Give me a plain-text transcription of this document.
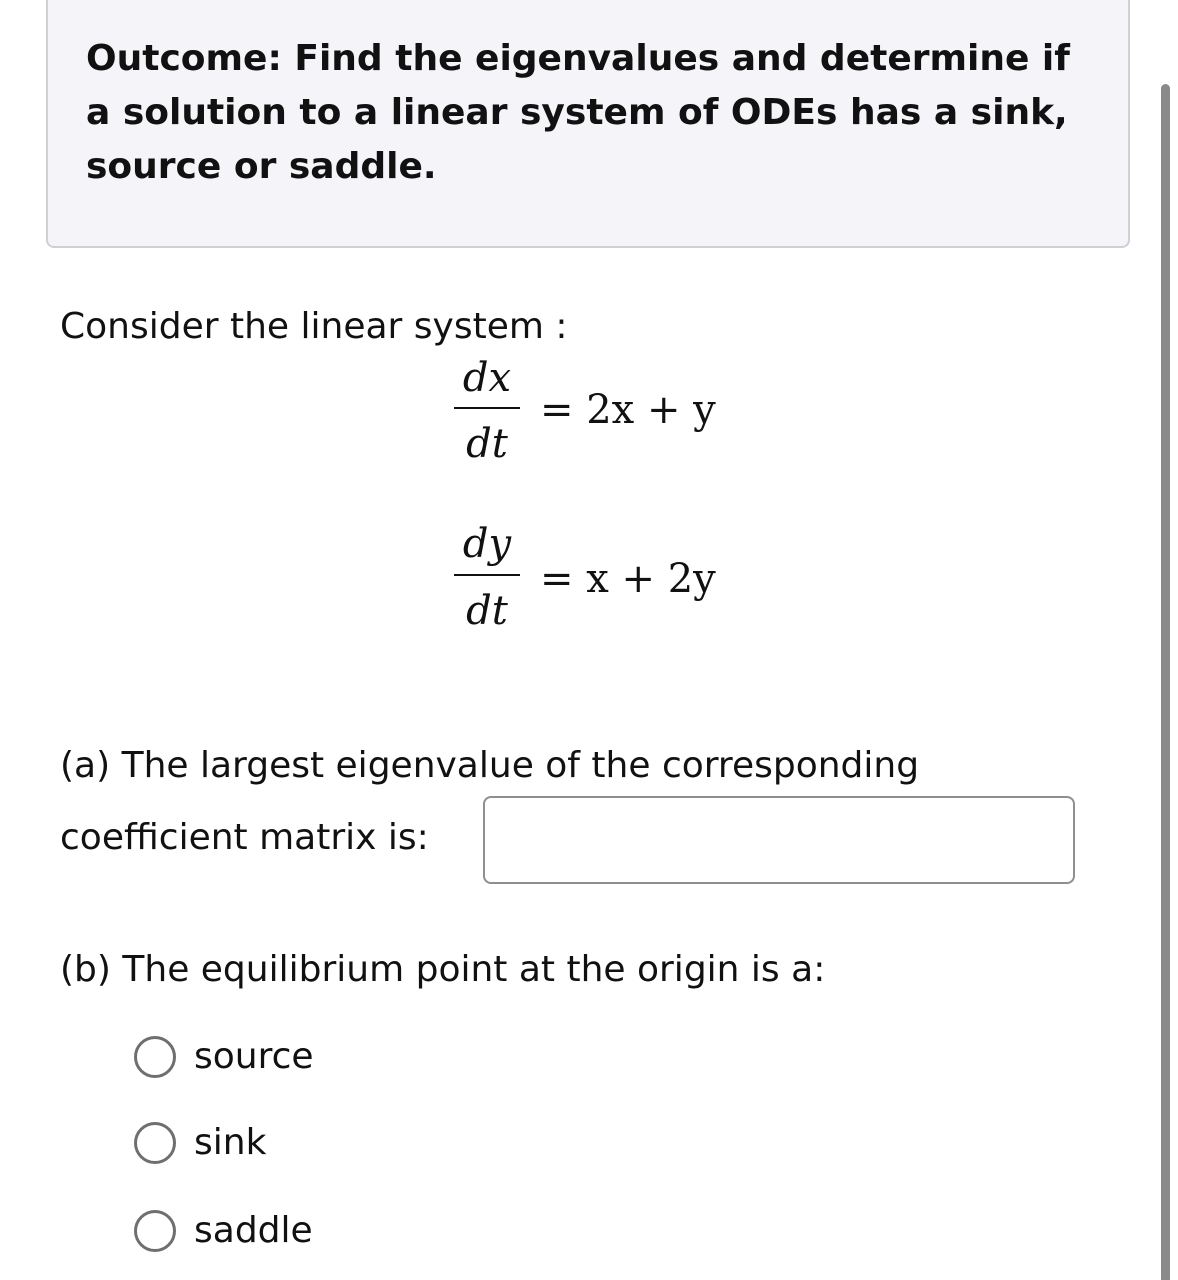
Outcome: Find the eigenvalues and determine if
a solution to a linear system of ODEs has a sink,
source or saddle.
Consider the linear system :
dx
dt
= 2x + y
dy
dt
= x + 2y
(a) The largest eigenvalue of the corresponding
coefficient matrix is:
(b) The equilibrium point at the origin is a:
source
sink
saddle
